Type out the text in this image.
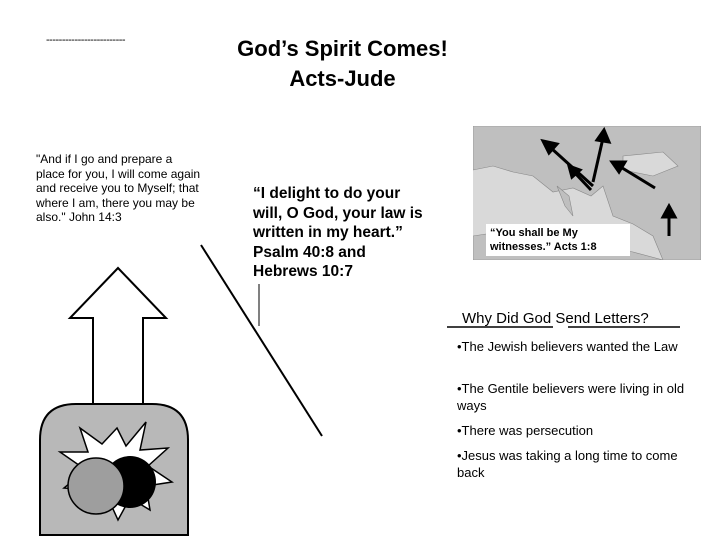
-------------------------	God’s Spirit Comes!
Acts-Jude
"And if I go and prepare a place for you, I will come again and receive you to Myself; that where I am, there you may be also." John 14:3
“I delight to do your will, O God, your law is written in my heart.” Psalm 40:8 and Hebrews 10:7
“You shall be My witnesses.” Acts 1:8
Why Did God Send Letters?
•The Jewish believers wanted the Law
•The Gentile believers were living in old ways
•There was persecution
•Jesus was taking a long time to come back
